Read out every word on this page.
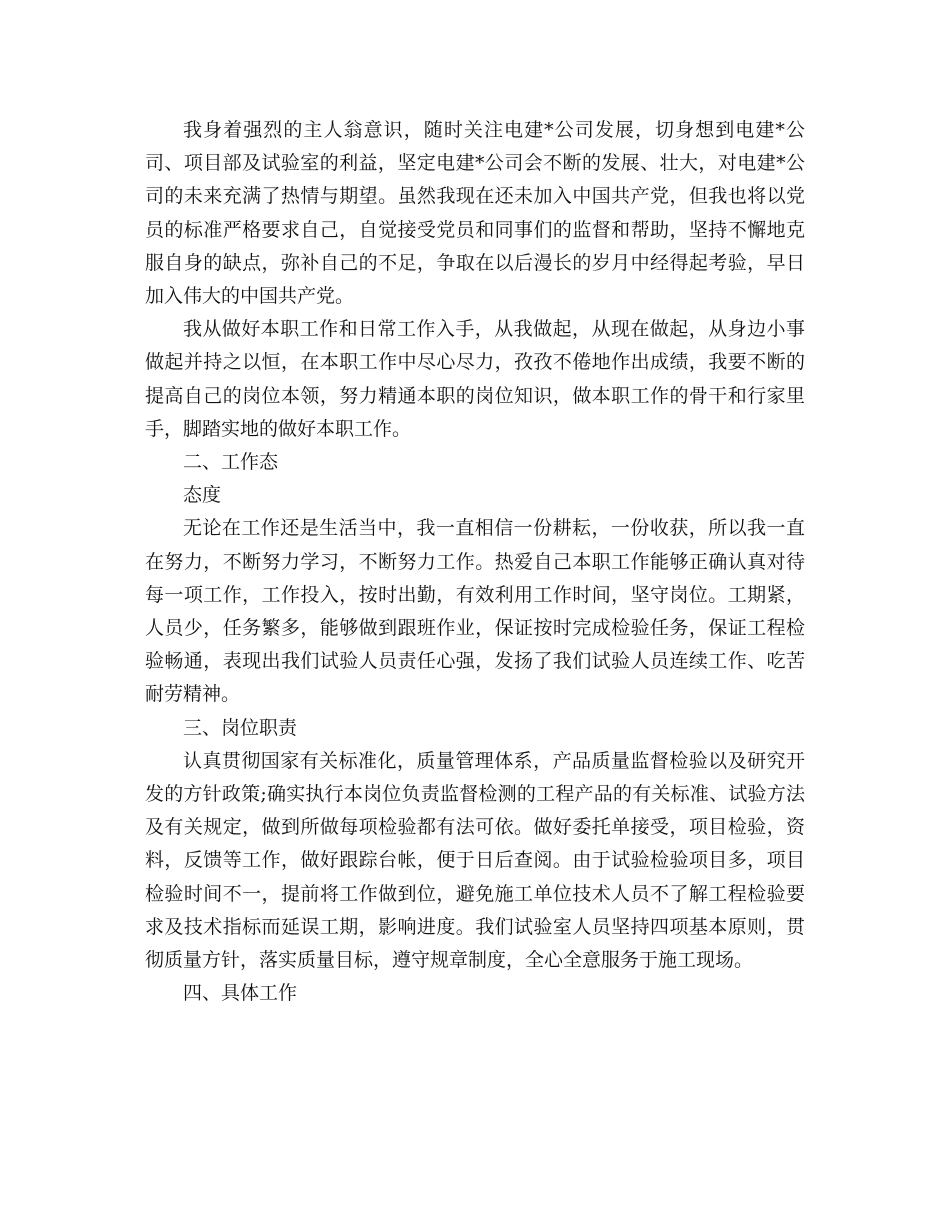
我身着强烈的主人翁意识，随时关注电建*公司发展，切身想到电建*公司、项目部及试验室的利益，坚定电建*公司会不断的发展、壮大，对电建*公司的未来充满了热情与期望。虽然我现在还未加入中国共产党，但我也将以党员的标准严格要求自己，自觉接受党员和同事们的监督和帮助，坚持不懈地克服自身的缺点，弥补自己的不足，争取在以后漫长的岁月中经得起考验，早日加入伟大的中国共产党。

我从做好本职工作和日常工作入手，从我做起，从现在做起，从身边小事做起并持之以恒，在本职工作中尽心尽力，孜孜不倦地作出成绩，我要不断的提高自己的岗位本领，努力精通本职的岗位知识，做本职工作的骨干和行家里手，脚踏实地的做好本职工作。

二、工作态

态度

无论在工作还是生活当中，我一直相信一份耕耘，一份收获，所以我一直在努力，不断努力学习，不断努力工作。热爱自己本职工作能够正确认真对待每一项工作，工作投入，按时出勤，有效利用工作时间，坚守岗位。工期紧，人员少，任务繁多，能够做到跟班作业，保证按时完成检验任务，保证工程检验畅通，表现出我们试验人员责任心强，发扬了我们试验人员连续工作、吃苦耐劳精神。

三、岗位职责

认真贯彻国家有关标准化，质量管理体系，产品质量监督检验以及研究开发的方针政策;确实执行本岗位负责监督检测的工程产品的有关标准、试验方法及有关规定，做到所做每项检验都有法可依。做好委托单接受，项目检验，资料，反馈等工作，做好跟踪台帐，便于日后查阅。由于试验检验项目多，项目检验时间不一，提前将工作做到位，避免施工单位技术人员不了解工程检验要求及技术指标而延误工期，影响进度。我们试验室人员坚持四项基本原则，贯彻质量方针，落实质量目标，遵守规章制度，全心全意服务于施工现场。

四、具体工作
